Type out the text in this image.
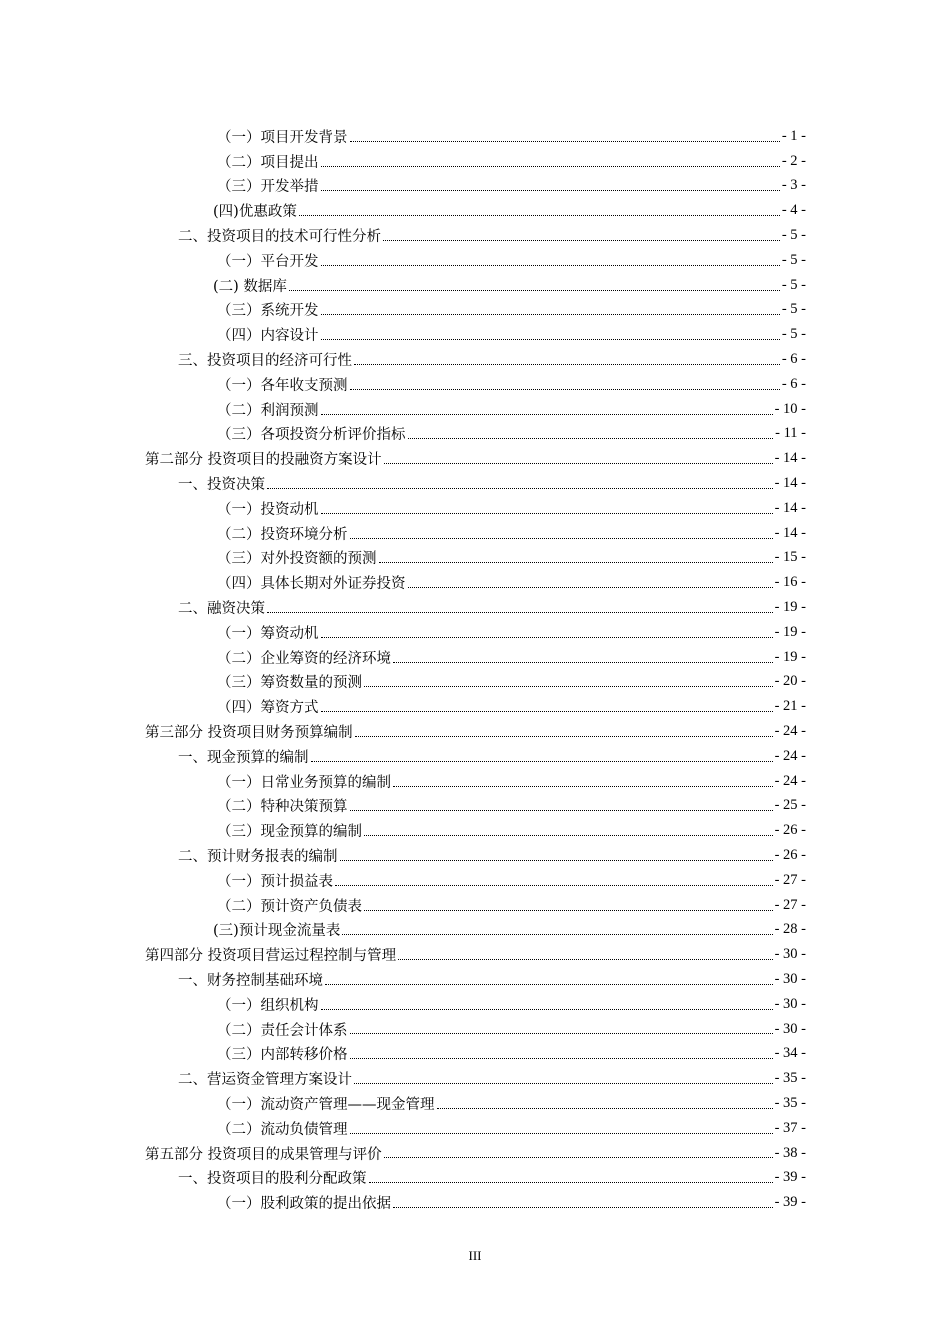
（一）项目开发背景	- 1 -
（二）项目提出	- 2 -
（三）开发举措	- 3 -
(四)优惠政策	- 4 -
二、投资项目的技术可行性分析	- 5 -
（一）平台开发	- 5 -
(二) 数据库	- 5 -
（三）系统开发	- 5 -
（四）内容设计	- 5 -
三、投资项目的经济可行性	- 6 -
（一）各年收支预测	- 6 -
（二）利润预测	- 10 -
（三）各项投资分析评价指标	- 11 -
第二部分 投资项目的投融资方案设计	- 14 -
一、投资决策	- 14 -
（一）投资动机	- 14 -
（二）投资环境分析	- 14 -
（三）对外投资额的预测	- 15 -
（四）具体长期对外证券投资	- 16 -
二、融资决策	- 19 -
（一）筹资动机	- 19 -
（二）企业筹资的经济环境	- 19 -
（三）筹资数量的预测	- 20 -
（四）筹资方式	- 21 -
第三部分 投资项目财务预算编制	- 24 -
一、现金预算的编制	- 24 -
（一）日常业务预算的编制	- 24 -
（二）特种决策预算	- 25 -
（三）现金预算的编制	- 26 -
二、预计财务报表的编制	- 26 -
（一）预计损益表	- 27 -
（二）预计资产负债表	- 27 -
(三)预计现金流量表	- 28 -
第四部分 投资项目营运过程控制与管理	- 30 -
一、财务控制基础环境	- 30 -
（一）组织机构	- 30 -
（二）责任会计体系	- 30 -
（三）内部转移价格	- 34 -
二、营运资金管理方案设计	- 35 -
（一）流动资产管理——现金管理	- 35 -
（二）流动负债管理	- 37 -
第五部分 投资项目的成果管理与评价	- 38 -
一、投资项目的股利分配政策	- 39 -
（一）股利政策的提出依据	- 39 -
III
